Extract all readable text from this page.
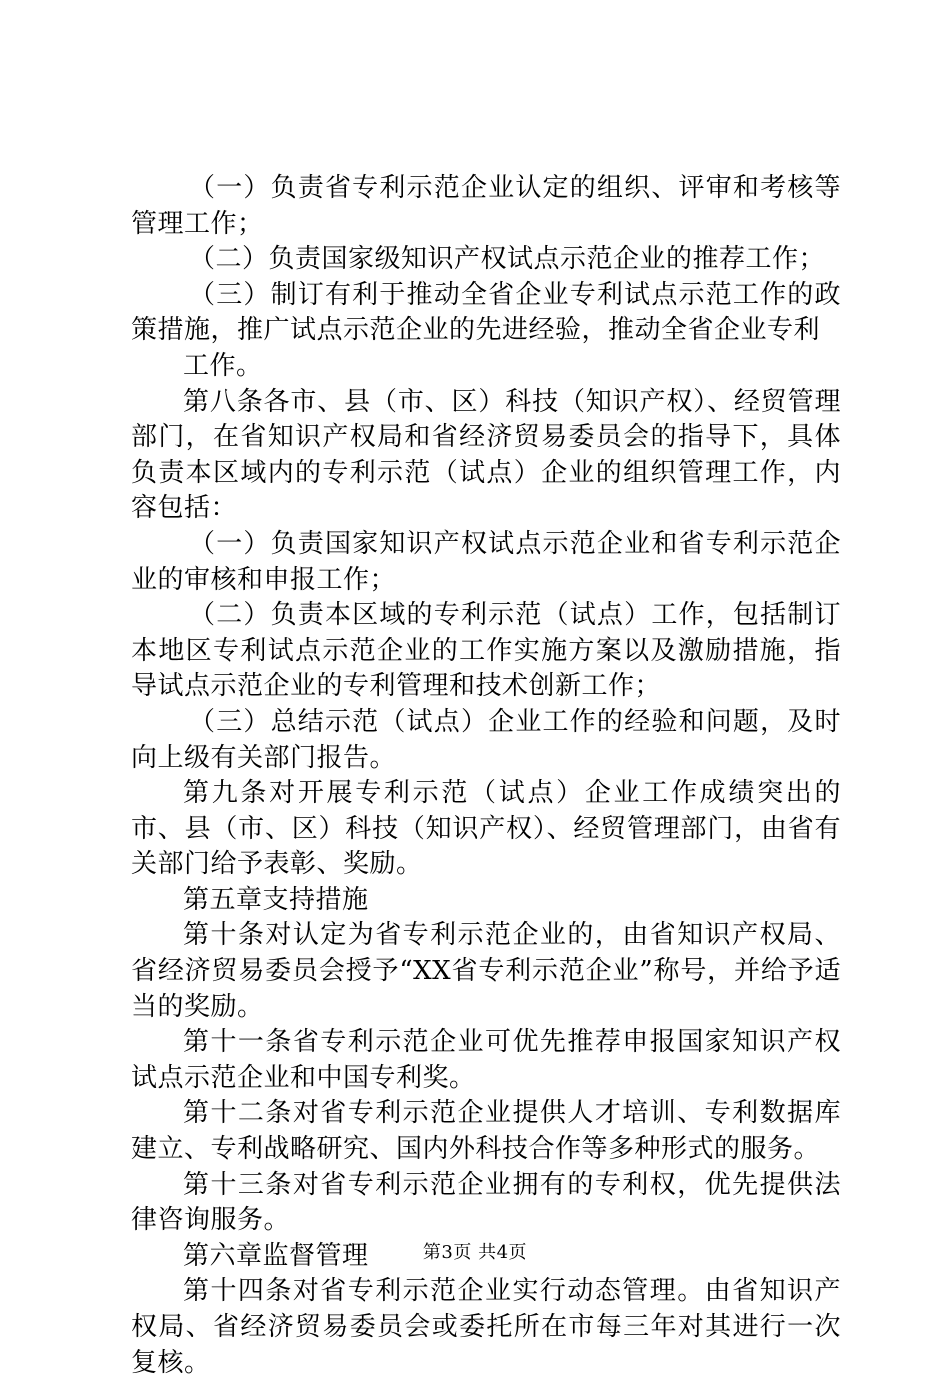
（一）负责省专利示范企业认定的组织、评审和考核等管理工作；

（二）负责国家级知识产权试点示范企业的推荐工作；

（三）制订有利于推动全省企业专利试点示范工作的政策措施，推广试点示范企业的先进经验，推动全省企业专利

工作。

第八条各市、县（市、区）科技（知识产权）、经贸管理部门，在省知识产权局和省经济贸易委员会的指导下，具体负责本区域内的专利示范（试点）企业的组织管理工作，内容包括：

（一）负责国家知识产权试点示范企业和省专利示范企业的审核和申报工作；

（二）负责本区域的专利示范（试点）工作，包括制订本地区专利试点示范企业的工作实施方案以及激励措施，指导试点示范企业的专利管理和技术创新工作；

（三）总结示范（试点）企业工作的经验和问题，及时向上级有关部门报告。

第九条对开展专利示范（试点）企业工作成绩突出的市、县（市、区）科技（知识产权）、经贸管理部门，由省有关部门给予表彰、奖励。

第五章支持措施

第十条对认定为省专利示范企业的，由省知识产权局、省经济贸易委员会授予“XX省专利示范企业”称号，并给予适当的奖励。

第十一条省专利示范企业可优先推荐申报国家知识产权试点示范企业和中国专利奖。

第十二条对省专利示范企业提供人才培训、专利数据库建立、专利战略研究、国内外科技合作等多种形式的服务。

第十三条对省专利示范企业拥有的专利权，优先提供法律咨询服务。

第六章监督管理

第十四条对省专利示范企业实行动态管理。由省知识产权局、省经济贸易委员会或委托所在市每三年对其进行一次复核。

第3页 共4页
